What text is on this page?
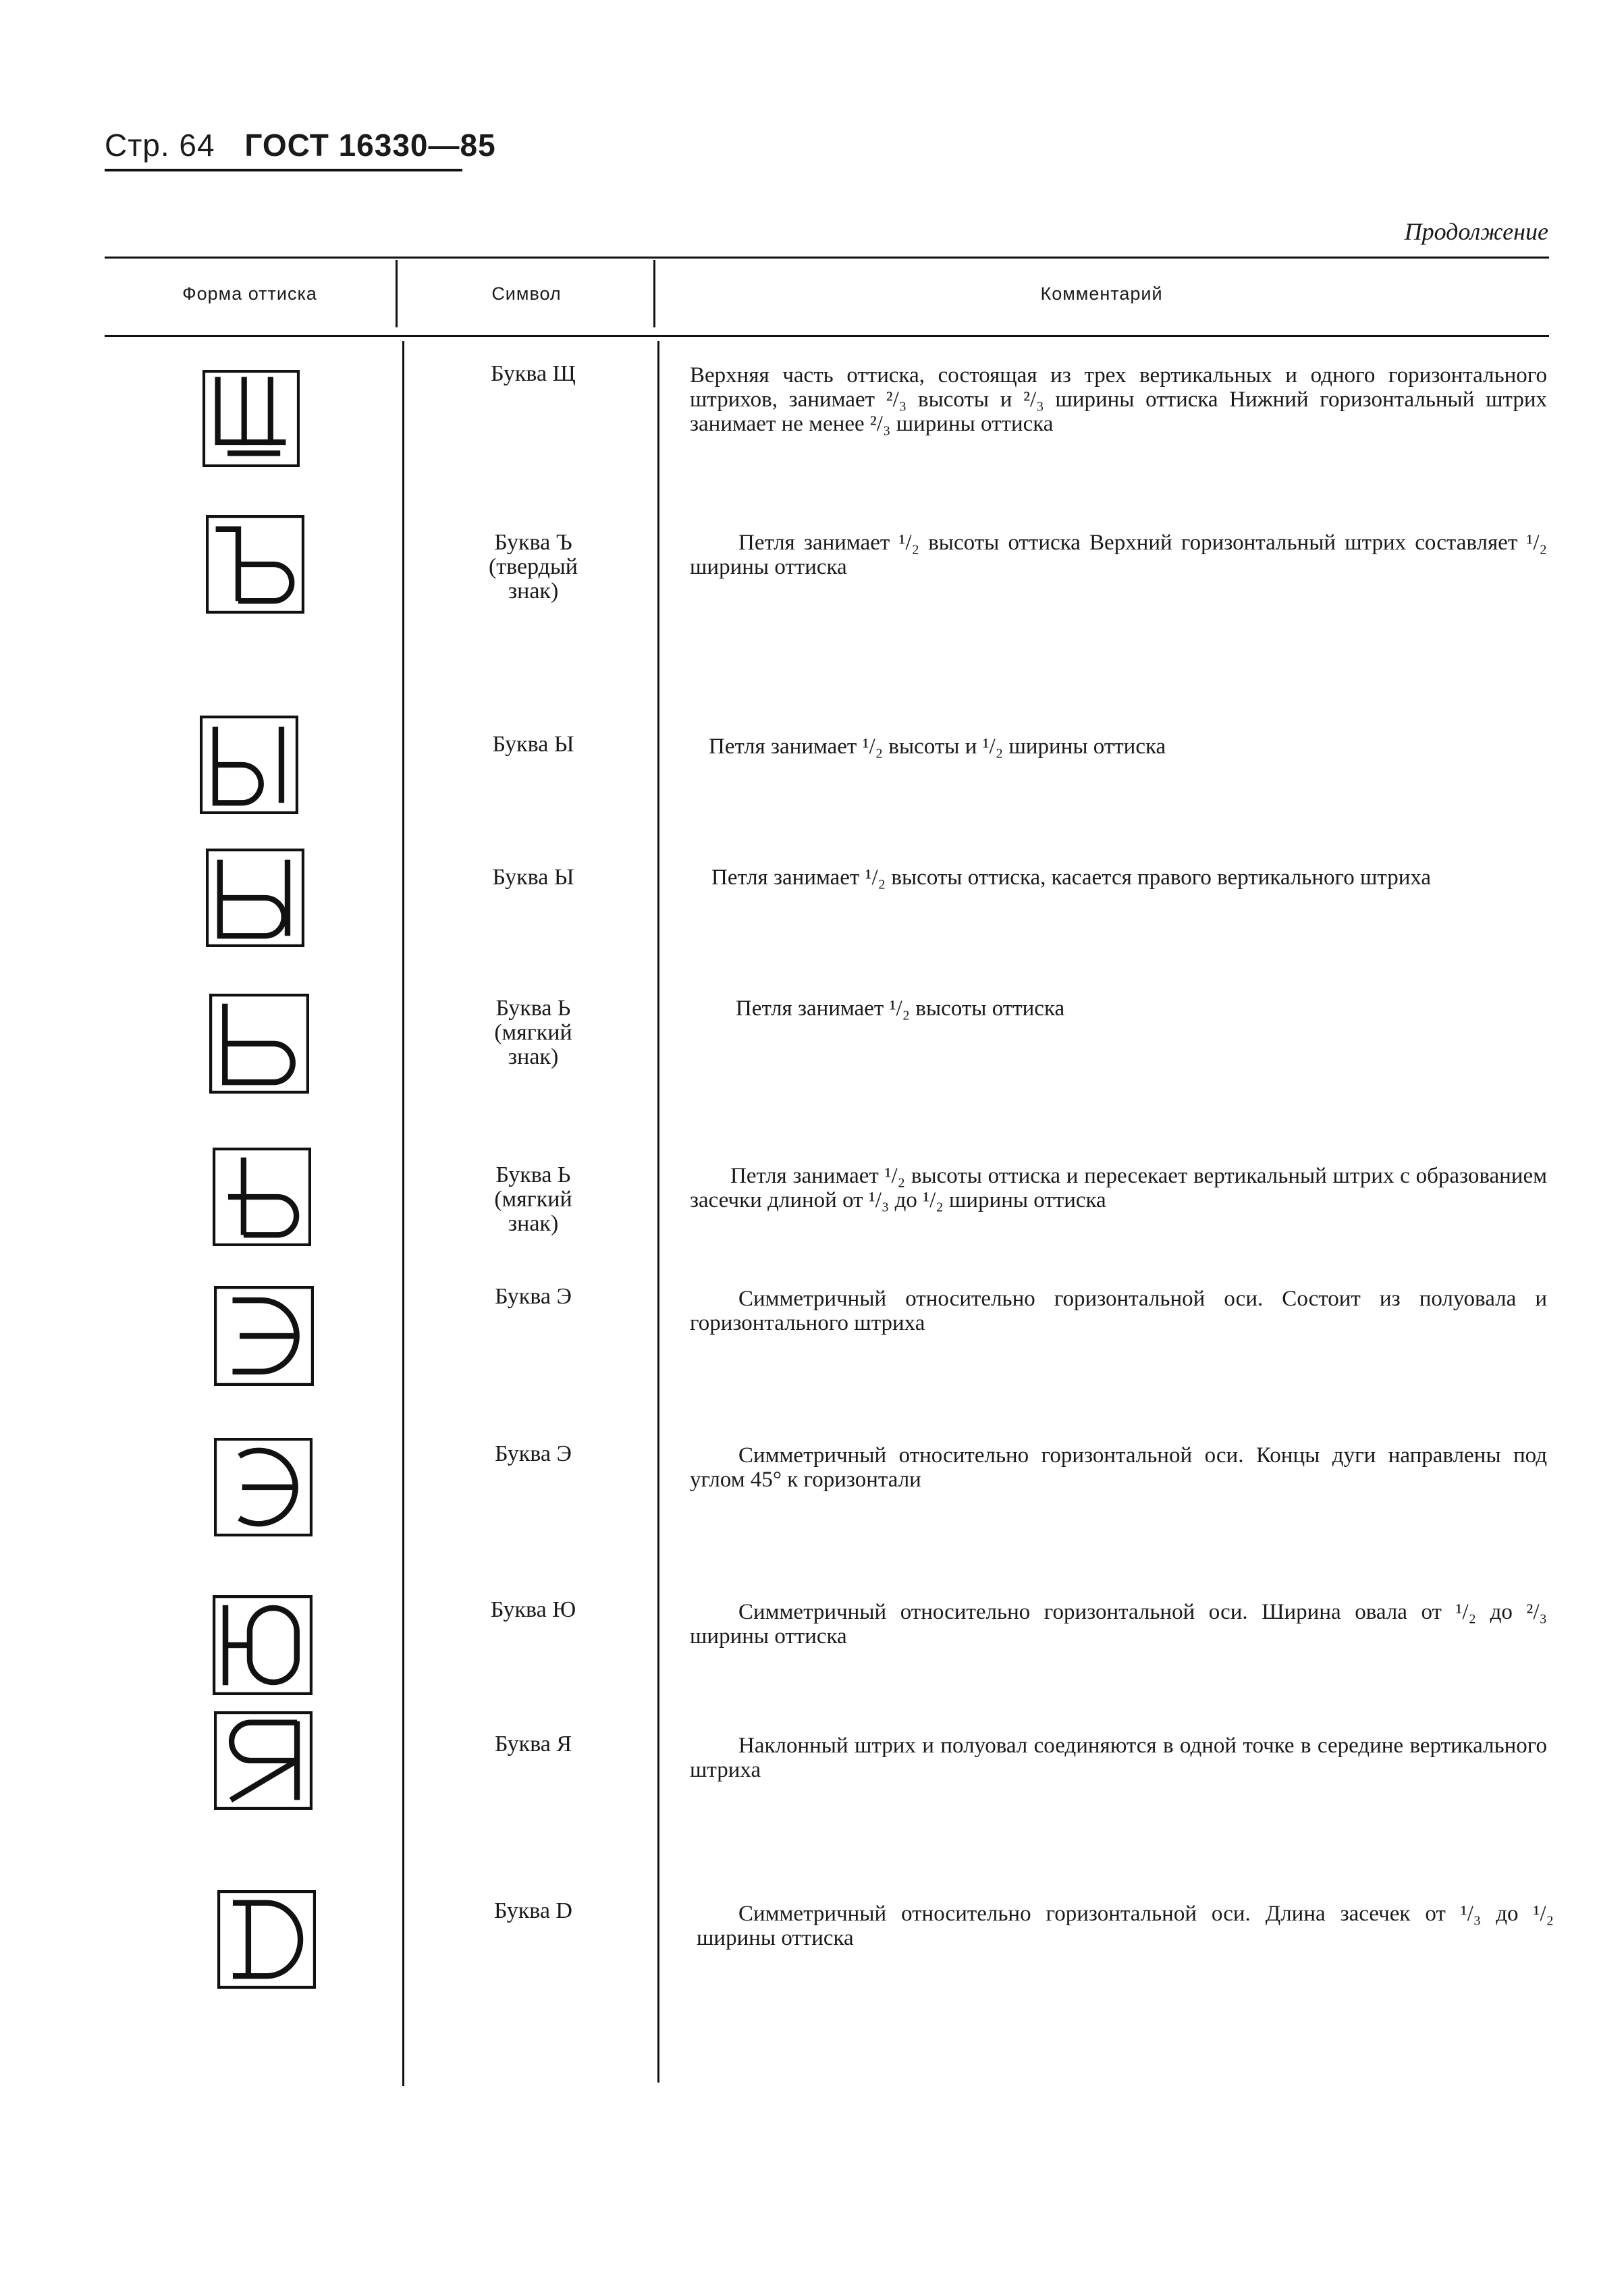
Стр. 64 ГОСТ 16330—85
Продолжение
Форма оттиска	Символ	Комментарий
Буква Щ
Буква Ъ
(твердый
знак)
Буква Ы
Буква Ы
Буква Ь
(мягкий
знак)
Буква Ь
(мягкий
знак)
Буква Э
Буква Э
Буква Ю
Буква Я
Буква D
Верхняя часть оттиска, состоящая из трех вертикальных и одного горизонтального штрихов, занимает ²/₃ высоты и ²/₃ ширины оттиска Нижний горизонтальный штрих занимает не менее ²/₃ ширины оттиска
Петля занимает ¹/₂ высоты оттиска Верхний горизонтальный штрих составляет ¹/₂ ширины оттиска
Петля занимает ¹/₂ высоты и ¹/₂ ширины оттиска
Петля занимает ¹/₂ высоты оттиска, касается правого вертикального штриха
Петля занимает ¹/₂ высоты оттиска
Петля занимает ¹/₂ высоты оттиска и пересекает вертикальный штрих с образованием засечки длиной от ¹/₃ до ¹/₂ ширины оттиска
Симметричный относительно горизонтальной оси. Состоит из полуовала и горизонтального штриха
Симметричный относительно горизонтальной оси. Концы дуги направлены под углом 45° к горизонтали
Симметричный относительно горизонтальной оси. Ширина овала от ¹/₂ до ²/₃ ширины оттиска
Наклонный штрих и полуовал соединяются в одной точке в середине вертикального штриха
Симметричный относительно горизонтальной оси. Длина засечек от ¹/₃ до ¹/₂ ширины оттиска
